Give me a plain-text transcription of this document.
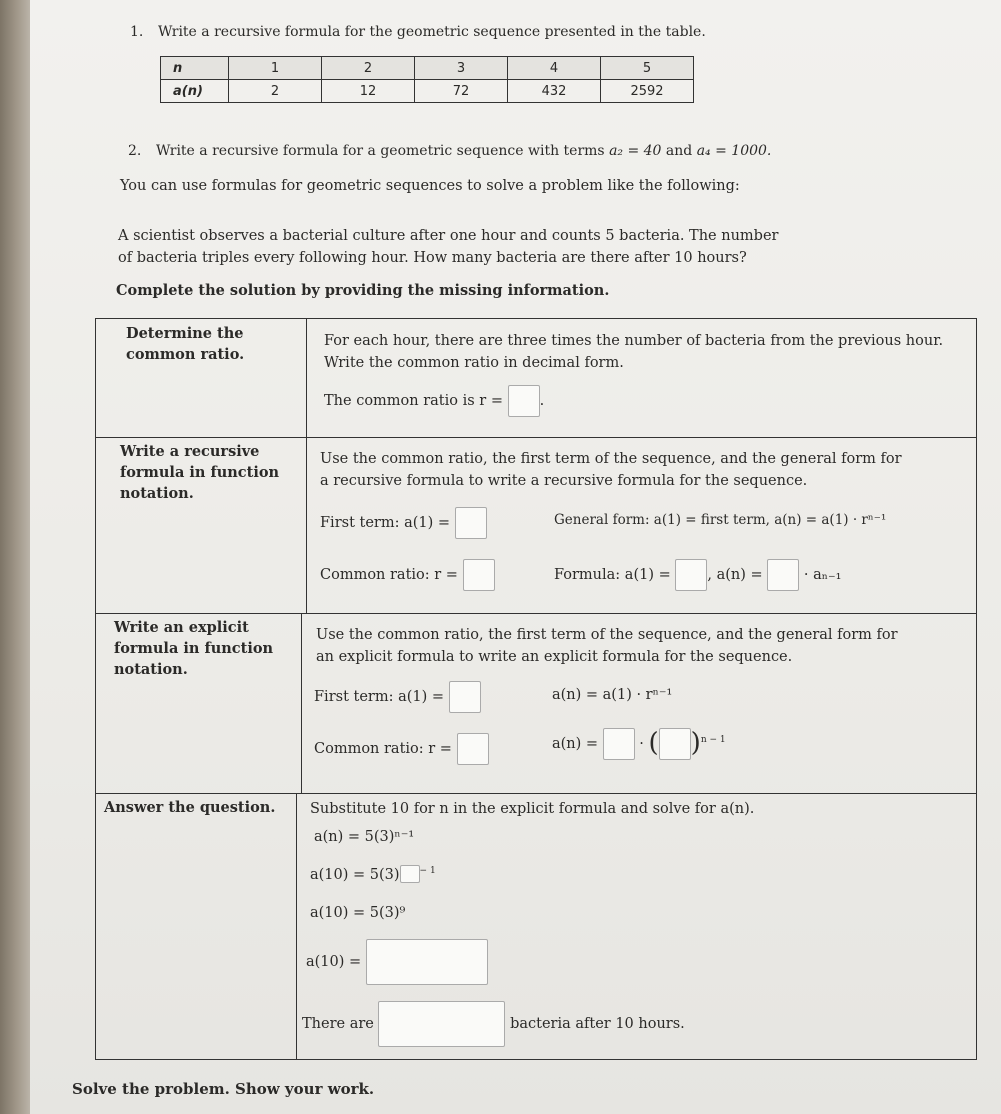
1. Write a recursive formula for the geometric sequence presented in the table.
n	1	2	3	4	5
a(n)	2	12	72	432	2592
2. Write a recursive formula for a geometric sequence with terms a₂ = 40 and a₄ = 1000.
You can use formulas for geometric sequences to solve a problem like the following:
A scientist observes a bacterial culture after one hour and counts 5 bacteria. The number
of bacteria triples every following hour. How many bacteria are there after 10 hours?
Complete the solution by providing the missing information.
Determine the
common ratio.
For each hour, there are three times the number of bacteria from the previous hour.
Write the common ratio in decimal form.
The common ratio is r =	.
Write a recursive
formula in function
notation.
Use the common ratio, the first term of the sequence, and the general form for
a recursive formula to write a recursive formula for the sequence.
First term: a(1) =	General form: a(1) = first term, a(n) = a(1) · rⁿ⁻¹
Common ratio: r =	Formula: a(1) =	, a(n) =	· aₙ₋₁
Write an explicit
formula in function
notation.
Use the common ratio, the first term of the sequence, and the general form for
an explicit formula to write an explicit formula for the sequence.
First term: a(1) =	a(n) = a(1) · rⁿ⁻¹
Common ratio: r =	a(n) =	· ( )$^{n - 1}$
Answer the question. Substitute 10 for n in the explicit formula and solve for a(n).
a(n) = 5(3)ⁿ⁻¹
a(10) = 5(3) $^{- 1}$
a(10) = 5(3)⁹
a(10) =
There are	bacteria after 10 hours.
Solve the problem. Show your work.
